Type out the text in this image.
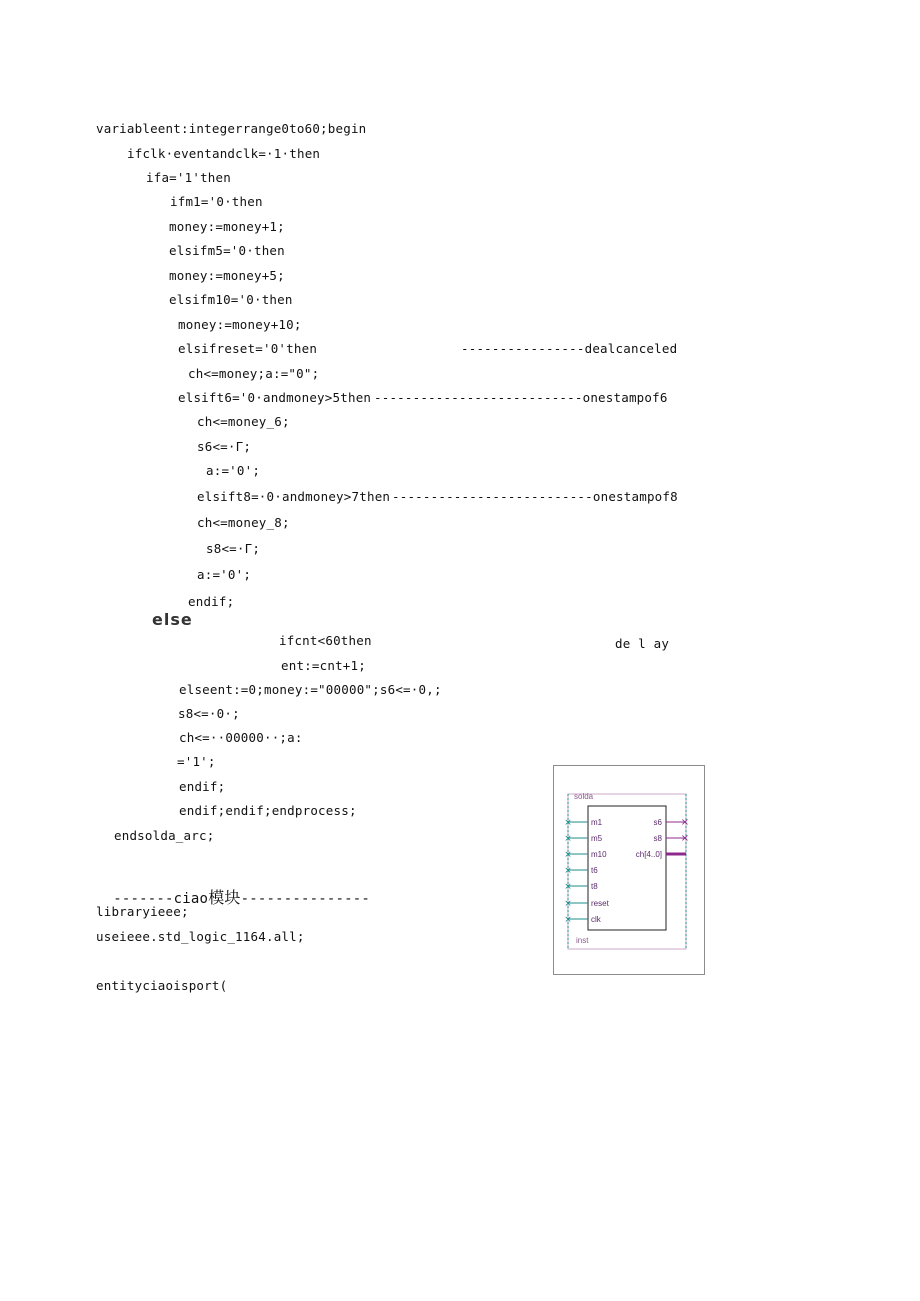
variableent:integerrange0to60;begin
ifclk·eventandclk=·1·then
ifa='1'then
ifm1='0·then
money:=money+1;
elsifm5='0·then
money:=money+5;
elsifm10='0·then
money:=money+10;
elsifreset='0'then	----------------dealcanceled
ch<=money;a:="0";
elsift6='0·andmoney>5then ---------------------------onestampof6
ch<=money_6;
s6<=·Γ;
a:='0';
elsift8=·0·andmoney>7then --------------------------onestampof8
ch<=money_8;
s8<=·Γ;
a:='0';
endif;
else
ifcnt<60then	de l ay
ent:=cnt+1;
elseent:=0;money:="00000";s6<=·0,;
s8<=·0·;
ch<=··00000··;a:
='1';
endif;
endif;endif;endprocess;
endsolda_arc;

-------ciao模块---------------

libraryieee;
useieee.std_logic_1164.all;
entityciaoisport(
solda
inst
× m1
× m5
× m10
× t6
× t8
× reset
× clk
×
s6
×
s8
ch[4..0]
